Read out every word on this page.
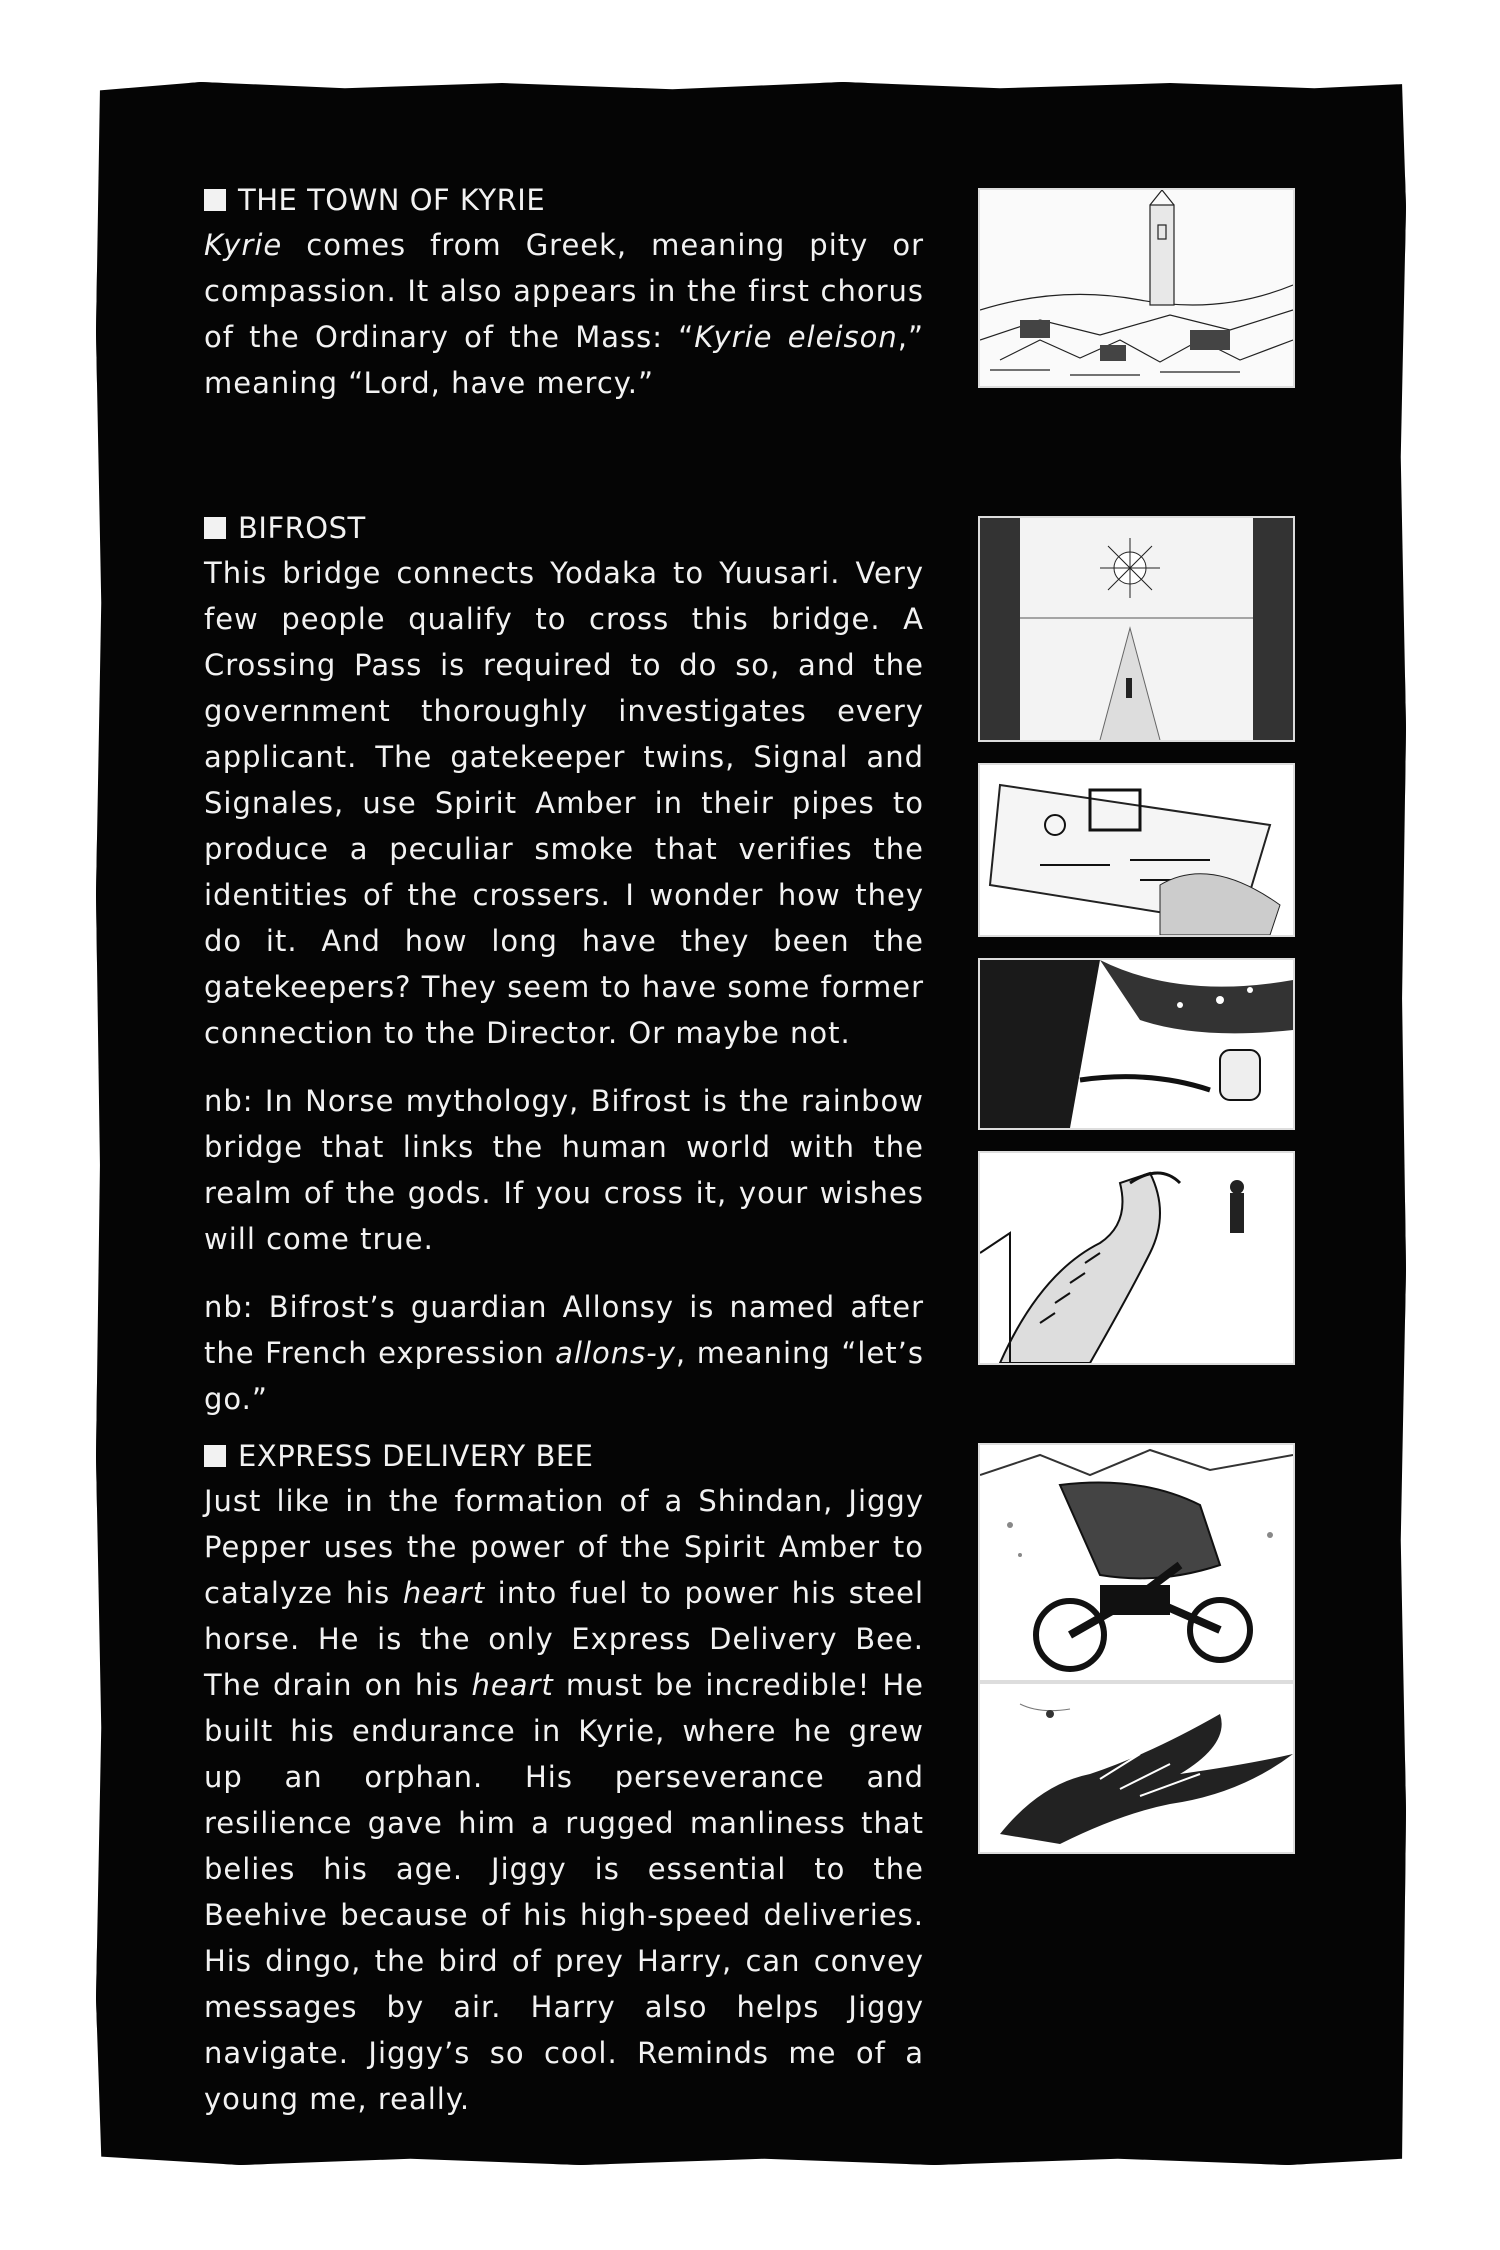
THE TOWN OF KYRIE

Kyrie comes from Greek, meaning pity or compassion. It also appears in the first chorus of the Ordinary of the Mass: “Kyrie eleison,” meaning “Lord, have mercy.”

BIFROST

This bridge connects Yodaka to Yuusari. Very few people qualify to cross this bridge. A Crossing Pass is required to do so, and the government thoroughly investigates every applicant. The gatekeeper twins, Signal and Signales, use Spirit Amber in their pipes to produce a peculiar smoke that verifies the identities of the crossers. I wonder how they do it. And how long have they been the gatekeepers? They seem to have some former connection to the Director. Or maybe not.

nb: In Norse mythology, Bifrost is the rainbow bridge that links the human world with the realm of the gods. If you cross it, your wishes will come true.

nb: Bifrost’s guardian Allonsy is named after the French expression allons-y, meaning “let’s go.”

EXPRESS DELIVERY BEE

Just like in the formation of a Shindan, Jiggy Pepper uses the power of the Spirit Amber to catalyze his heart into fuel to power his steel horse. He is the only Express Delivery Bee. The drain on his heart must be incredible! He built his endurance in Kyrie, where he grew up an orphan. His perseverance and resilience gave him a rugged manliness that belies his age. Jiggy is essential to the Beehive because of his high-speed deliveries. His dingo, the bird of prey Harry, can convey messages by air. Harry also helps Jiggy navigate. Jiggy’s so cool. Reminds me of a young me, really.
